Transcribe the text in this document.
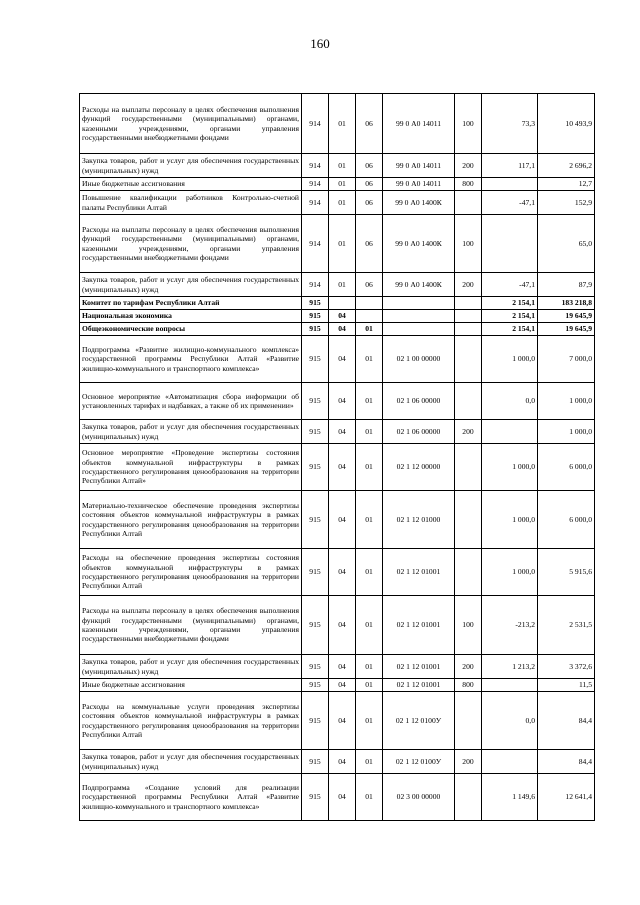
160
Расходы на выплаты персоналу в целях обеспечения выполнения функций государственными (муниципальными) органами, казенными учреждениями, органами управления государственными внебюджетными фондами	914	01	06	99 0 А0 14011	100	73,3	10 493,9
Закупка товаров, работ и услуг для обеспечения государственных (муниципальных) нужд	914	01	06	99 0 А0 14011	200	117,1	2 696,2
Иные бюджетные ассигнования	914	01	06	99 0 А0 14011	800		12,7
Повышение квалификации работников Контрольно-счетной палаты Республики Алтай	914	01	06	99 0 А0 1400К		-47,1	152,9
Расходы на выплаты персоналу в целях обеспечения выполнения функций государственными (муниципальными) органами, казенными учреждениями, органами управления государственными внебюджетными фондами	914	01	06	99 0 А0 1400К	100		65,0
Закупка товаров, работ и услуг для обеспечения государственных (муниципальных) нужд	914	01	06	99 0 А0 1400К	200	-47,1	87,9
Комитет по тарифам Республики Алтай	915					2 154,1	183 218,8
Национальная экономика	915	04				2 154,1	19 645,9
Общеэкономические вопросы	915	04	01			2 154,1	19 645,9
Подпрограмма «Развитие жилищно-коммунального комплекса» государственной программы Республики Алтай «Развитие жилищно-коммунального и транспортного комплекса»	915	04	01	02 1 00 00000		1 000,0	7 000,0
Основное мероприятие «Автоматизация сбора информации об установленных тарифах и надбавках, а также об их применении»	915	04	01	02 1 06 00000		0,0	1 000,0
Закупка товаров, работ и услуг для обеспечения государственных (муниципальных) нужд	915	04	01	02 1 06 00000	200		1 000,0
Основное мероприятие «Проведение экспертизы состояния объектов коммунальной инфраструктуры в рамках государственного регулирования ценообразования на территории Республики Алтай»	915	04	01	02 1 12 00000		1 000,0	6 000,0
Материально-техническое обеспечение проведения экспертизы состояния объектов коммунальной инфраструктуры в рамках государственного регулирования ценообразования на территории Республики Алтай	915	04	01	02 1 12 01000		1 000,0	6 000,0
Расходы на обеспечение проведения экспертизы состояния объектов коммунальной инфраструктуры в рамках государственного регулирования ценообразования на территории Республики Алтай	915	04	01	02 1 12 01001		1 000,0	5 915,6
Расходы на выплаты персоналу в целях обеспечения выполнения функций государственными (муниципальными) органами, казенными учреждениями, органами управления государственными внебюджетными фондами	915	04	01	02 1 12 01001	100	-213,2	2 531,5
Закупка товаров, работ и услуг для обеспечения государственных (муниципальных) нужд	915	04	01	02 1 12 01001	200	1 213,2	3 372,6
Иные бюджетные ассигнования	915	04	01	02 1 12 01001	800		11,5
Расходы на коммунальные услуги проведения экспертизы состояния объектов коммунальной инфраструктуры в рамках государственного регулирования ценообразования на территории Республики Алтай	915	04	01	02 1 12 0100У		0,0	84,4
Закупка товаров, работ и услуг для обеспечения государственных (муниципальных) нужд	915	04	01	02 1 12 0100У	200		84,4
Подпрограмма «Создание условий для реализации государственной программы Республики Алтай «Развитие жилищно-коммунального и транспортного комплекса»	915	04	01	02 3 00 00000		1 149,6	12 641,4
